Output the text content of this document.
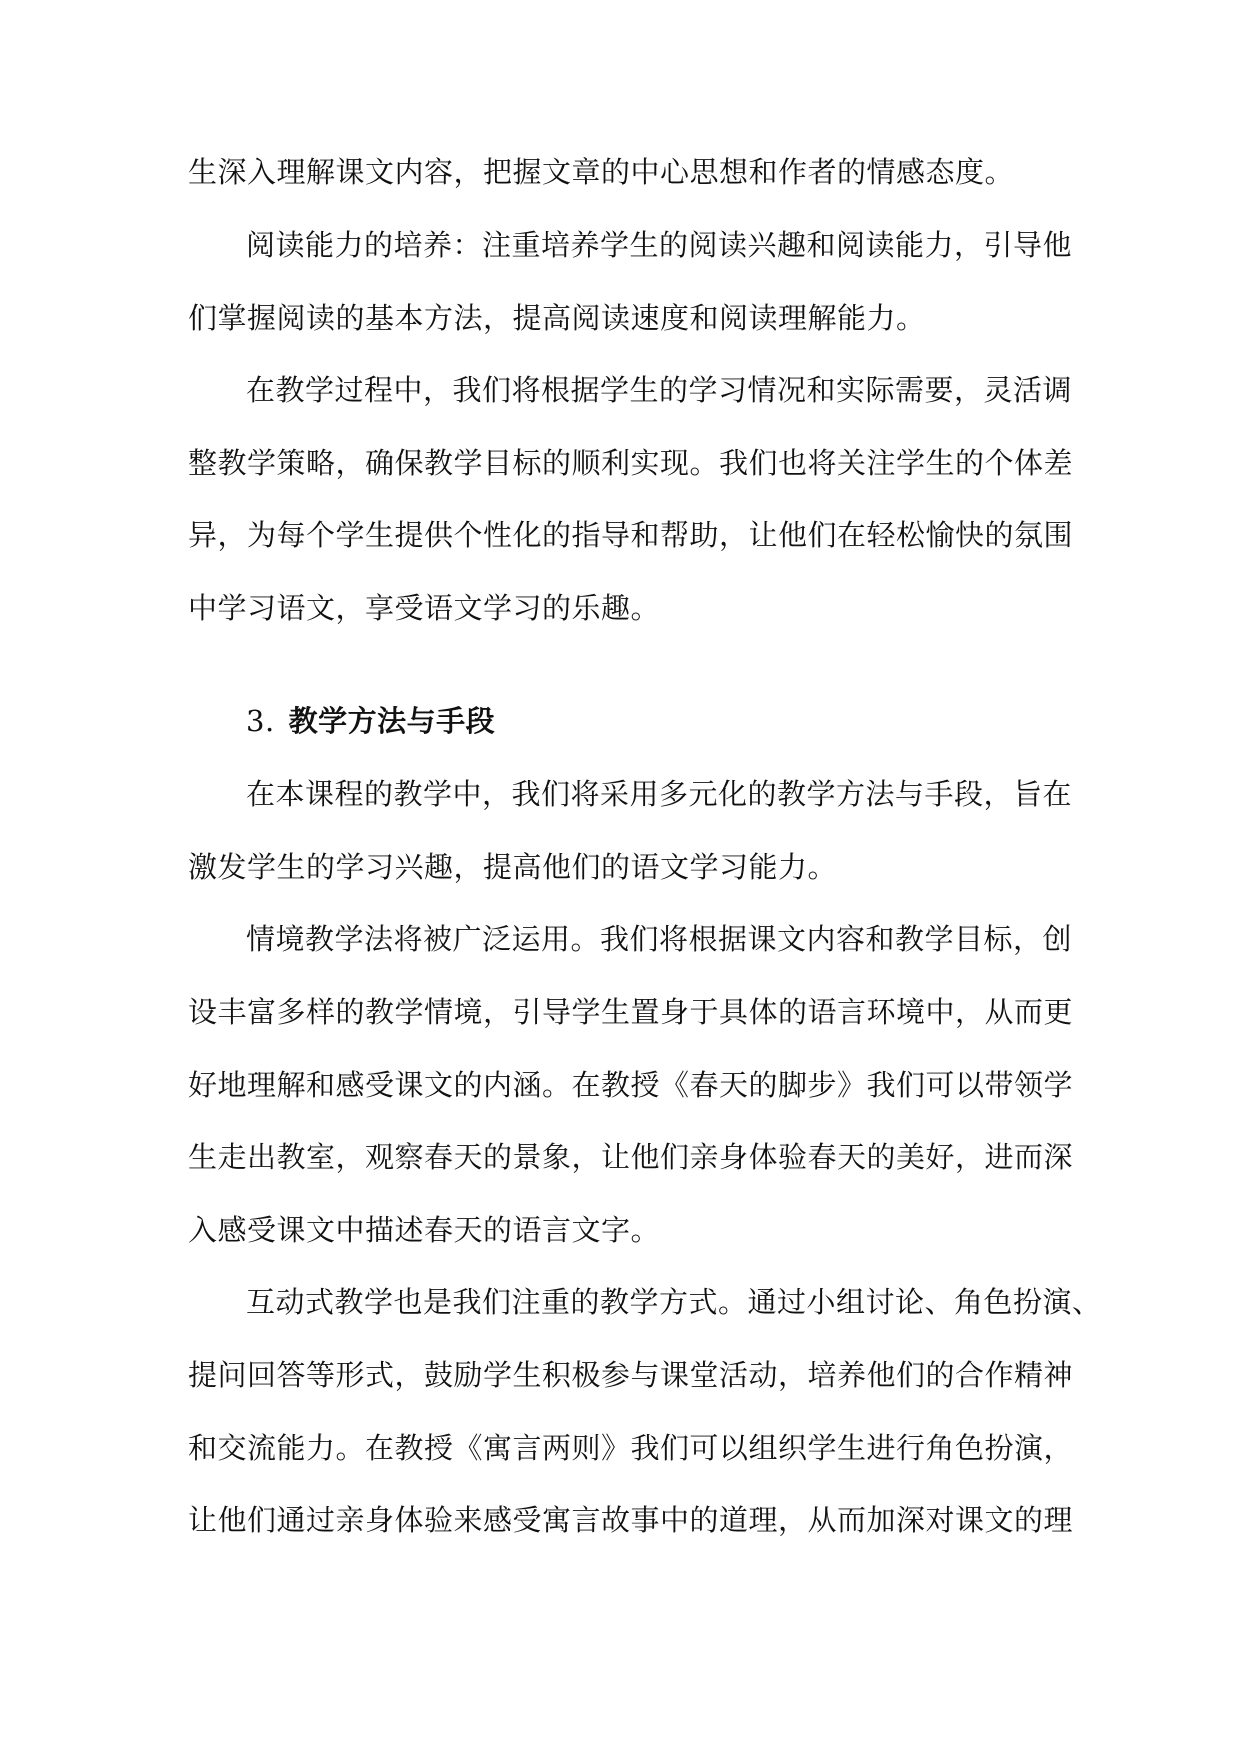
生深入理解课文内容，把握文章的中心思想和作者的情感态度。
阅读能力的培养：注重培养学生的阅读兴趣和阅读能力，引导他
们掌握阅读的基本方法，提高阅读速度和阅读理解能力。
在教学过程中，我们将根据学生的学习情况和实际需要，灵活调
整教学策略，确保教学目标的顺利实现。我们也将关注学生的个体差
异，为每个学生提供个性化的指导和帮助，让他们在轻松愉快的氛围
中学习语文，享受语文学习的乐趣。
3. 教学方法与手段
在本课程的教学中，我们将采用多元化的教学方法与手段，旨在
激发学生的学习兴趣，提高他们的语文学习能力。
情境教学法将被广泛运用。我们将根据课文内容和教学目标，创
设丰富多样的教学情境，引导学生置身于具体的语言环境中，从而更
好地理解和感受课文的内涵。在教授《春天的脚步》我们可以带领学
生走出教室，观察春天的景象，让他们亲身体验春天的美好，进而深
入感受课文中描述春天的语言文字。
互动式教学也是我们注重的教学方式。通过小组讨论、角色扮演、
提问回答等形式，鼓励学生积极参与课堂活动，培养他们的合作精神
和交流能力。在教授《寓言两则》我们可以组织学生进行角色扮演，
让他们通过亲身体验来感受寓言故事中的道理，从而加深对课文的理
